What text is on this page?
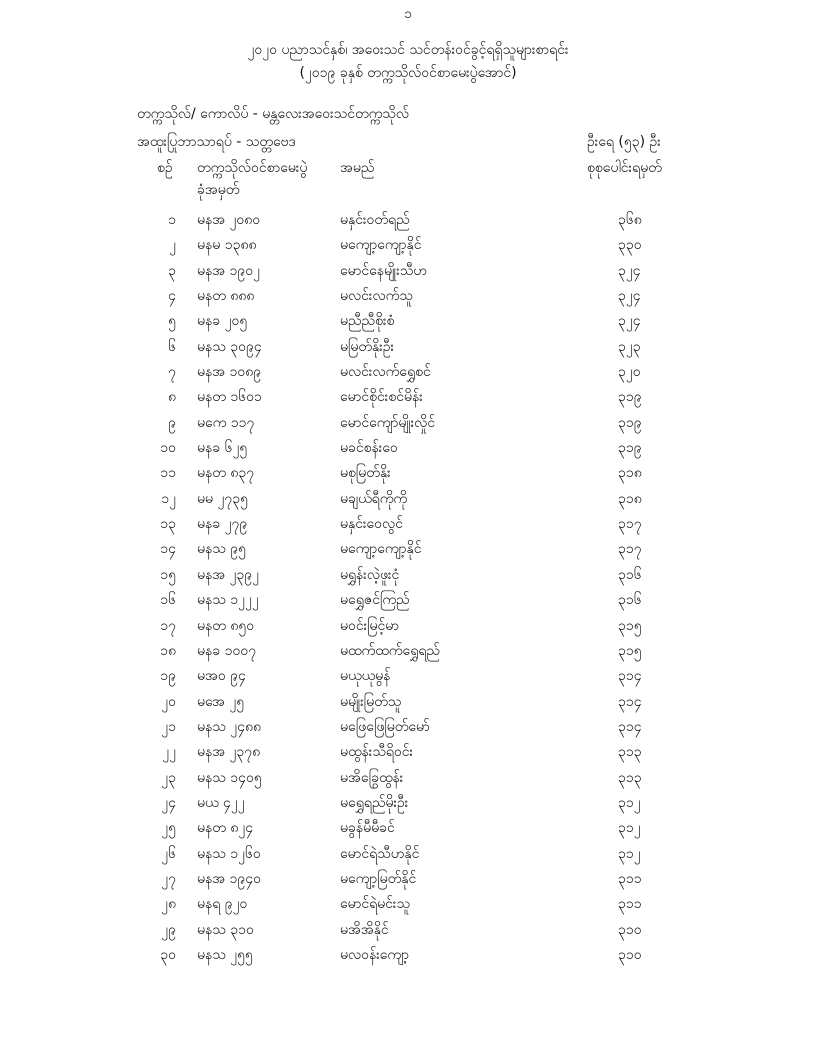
၁
၂၀၂၀ ပညာသင်နှစ်၊ အဝေးသင် သင်တန်းဝင်ခွင့်ရရှိသူများစာရင်း
(၂၀၁၉ ခုနှစ် တက္ကသိုလ်ဝင်စာမေးပွဲအောင်)
တက္ကသိုလ်/ ကောလိပ် - မန္တလေးအဝေးသင်တက္ကသိုလ်
အထူးပြုဘာသာရပ် - သတ္တဗေဒ	ဦးရေ (၅၃) ဦး
စဉ် တက္ကသိုလ်ဝင်စာမေးပွဲ
ခုံအမှတ်
အမည်	စုစုပေါင်းရမှတ်
၁ မနအ ၂၀၈၀	မနှင်းဝတ်ရည်	၃၆၈
၂ မနမ ၁၃၈၈	မကျော့ကျော့နိုင်	၃၃၀
၃ မနအ ၁၉၀၂	မောင်နေမျိုးသီဟ	၃၂၄
၄ မနတ ၈၈၈	မလင်းလက်သူ	၃၂၄
၅ မနခ ၂၀၅	မညီညီစိုးစံ	၃၂၄
၆ မနသ ၃၀၉၄	မမြတ်နိုးဦး	၃၂၃
၇ မနအ ၁၀၈၉	မလင်းလက်ရွှေစင်	၃၂၀
၈ မနတ ၁၆၀၁	မောင်စိုင်းစင်မိန်း	၃၁၉
၉ မကေ ၁၁၇	မောင်ကျော်မျိုးလှိုင်	၃၁၉
၁၀ မနခ ၆၂၅	မခင်စန်းဝေ	၃၁၉
၁၁ မနတ ၈၃၇	မစုမြတ်နိုး	၃၁၈
၁၂ မမ ၂၇၃၅	မချယ်ရီကိုကို	၃၁၈
၁၃ မနခ ၂၇၉	မနှင်းဝေလွင်	၃၁၇
၁၄ မနသ ၉၅	မကျော့ကျော့နိုင်	၃၁၇
၁၅ မနအ ၂၃၉၂	မရွှန်းလဲ့ဖူးငုံ	၃၁၆
၁၆ မနသ ၁၂၂၂	မရွှေဇင်ကြည်	၃၁၆
၁၇ မနတ ၈၅၀	မဝင်းမြင့်မာ	၃၁၅
၁၈ မနခ ၁၀၀၇	မထက်ထက်ရွှေရည်	၃၁၅
၁၉ မအဝ ၉၄	မယုယုမွန်	၃၁၄
၂၀ မအေ ၂၅	မမျိုးမြတ်သူ	၃၁၄
၂၁ မနသ ၂၄၈၈	မဖြေဖြေမြတ်မော်	၃၁၄
၂၂ မနအ ၂၃၇၈	မထွန်းသီရိဝင်း	၃၁၃
၂၃ မနသ ၁၄၀၅	မအိခြွေထွန်း	၃၁၃
၂၄ မယ ၄၂၂	မရွှေရည်မိုးဦး	၃၁၂
၂၅ မနတ ၈၂၄	မခွန်မီမီခင်	၃၁၂
၂၆ မနသ ၁၂၆၀	မောင်ရဲသီဟနိုင်	၃၁၂
၂၇ မနအ ၁၉၄၀	မကျော့မြတ်နိုင်	၃၁၁
၂၈ မနရ ၉၂၀	မောင်ရဲမင်းသူ	၃၁၁
၂၉ မနသ ၃၁၀	မအိအိနိုင်	၃၁၀
၃၀ မနသ ၂၅၅	မလဝန်းကျော့	၃၁၀
